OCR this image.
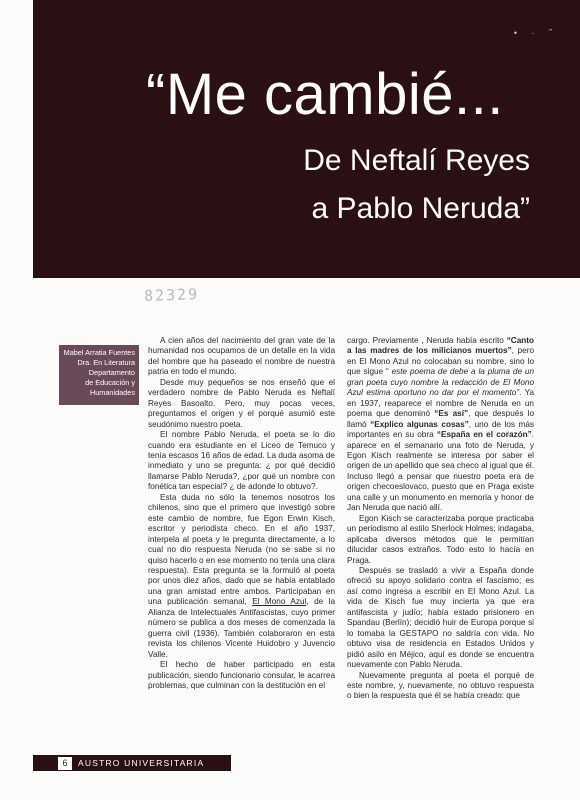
• · ˝
“Me cambié...
De Neftalí Reyes
a Pablo Neruda”
82329
Mabel Arratia Fuentes
Dra. En Literatura
Departamento
de Educación y
Humanidades

A cien años del nacimiento del gran vate de la humanidad nos ocupamos de un detalle en la vida del hombre que ha paseado el nombre de nuestra patria en todo el mundo.

Desde muy pequeños se nos enseñó que el verdadero nombre de Pablo Neruda es Neftalí Reyes Basoalto. Pero, muy pocas veces, preguntamos el origen y el porqué asumió este seudónimo nuestro poeta.

El nombre Pablo Neruda, el poeta se lo dio cuando era estudiante en el Liceo de Temuco y tenía escasos 16 años de edad. La duda asoma de inmediato y uno se pregunta: ¿ por qué decidió llamarse Pablo Neruda?, ¿por qué un nombre con fonética tan especial? ¿ de adonde lo obtuvo?.

Esta duda no sólo la tenemos nosotros los chilenos, sino que el primero que investigó sobre este cambio de nombre, fue Egon Erwin Kisch, escritor y periodista checo. En el año 1937, interpela al poeta y le pregunta directamente, a lo cual no dio respuesta Neruda (no se sabe si no quiso hacerlo o en ese momento no tenía una clara respuesta). Esta pregunta se la formuló al poeta por unos diez años, dado que se había entablado una gran amistad entre ambos. Participaban en una publicación semanal, El Mono Azul, de la Alianza de Intelectuales Antifascistas, cuyo primer número se publica a dos meses de comenzada la guerra civil (1936). También colaboraron en esta revista los chilenos Vicente Huidobro y Juvencio Valle.

El hecho de haber participado en esta publicación, siendo funcionario consular, le acarrea problemas, que culminan con la destitución en el

cargo. Previamente , Neruda había escrito “Canto a las madres de los milicianos muertos”, pero en El Mono Azul no colocaban su nombre, sino lo que sigue “ este poema de debe a la pluma de un gran poeta cuyo nombre la redacción de El Mono Azul estima oportuno no dar por el momento”. Ya en 1937, reaparece el nombre de Neruda en un poema que denominó “Es así”, que después lo llamó “Explico algunas cosas”, uno de los más importantes en su obra “España en el corazón”. aparece en el semanario una foto de Neruda, y Egon Kisch realmente se interesa por saber el origen de un apellido que sea checo al igual que él. Incluso llegó a pensar que nuestro poeta era de origen checoeslovaco, puesto que en Praga existe una calle y un monumento en memoria y honor de Jan Neruda que nació allí.

Egon Kisch se caracterizaba porque practicaba un periodismo al estilo Sherlock Holmes; indagaba, aplicaba diversos métodos que le permitían dilucidar casos extraños. Todo esto lo hacía en Praga.

Después se trasladó a vivir a España donde ofreció su apoyo solidario contra el fascismo; es así como ingresa a escribir en El Mono Azul. La vida de Kisch fue muy incierta ya que era antifascista y judío; había estado prisionero en Spandau (Berlín); decidió huir de Europa porque si lo tomaba la GESTAPO no saldría con vida. No obtuvo visa de residencia en Estados Unidos y pidió asilo en Méjico, aquí es donde se encuentra nuevamente con Pablo Neruda.

Nuevamente pregunta al poeta el porqué de este nombre, y, nuevamente, no obtuvo respuesta o bien la respuesta que él se había creado: que

6	AUSTRO UNIVERSITARIA
